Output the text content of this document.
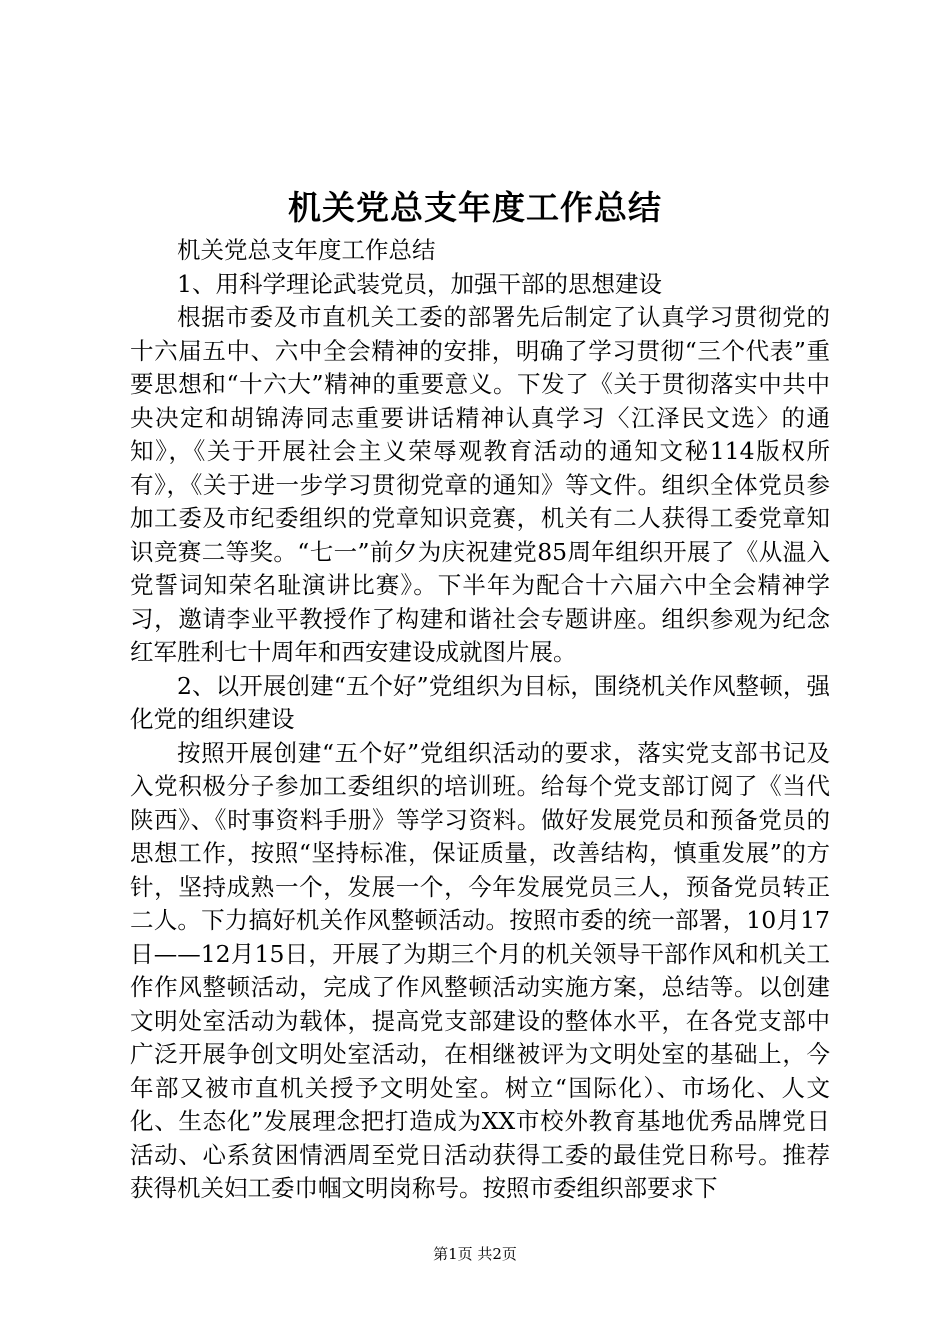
机关党总支年度工作总结

机关党总支年度工作总结

1、用科学理论武装党员，加强干部的思想建设

根据市委及市直机关工委的部署先后制定了认真学习贯彻党的十六届五中、六中全会精神的安排，明确了学习贯彻“三个代表”重要思想和“十六大”精神的重要意义。下发了《关于贯彻落实中共中央决定和胡锦涛同志重要讲话精神认真学习〈江泽民文选〉的通知》，《关于开展社会主义荣辱观教育活动的通知文秘114版权所有》，《关于进一步学习贯彻党章的通知》等文件。组织全体党员参加工委及市纪委组织的党章知识竞赛，机关有二人获得工委党章知识竞赛二等奖。“七一”前夕为庆祝建党85周年组织开展了《从温入党誓词知荣名耻演讲比赛》。下半年为配合十六届六中全会精神学习，邀请李业平教授作了构建和谐社会专题讲座。组织参观为纪念红军胜利七十周年和西安建设成就图片展。

2、以开展创建“五个好”党组织为目标，围绕机关作风整顿，强化党的组织建设

按照开展创建“五个好”党组织活动的要求，落实党支部书记及入党积极分子参加工委组织的培训班。给每个党支部订阅了《当代陕西》、《时事资料手册》等学习资料。做好发展党员和预备党员的思想工作，按照“坚持标准，保证质量，改善结构，慎重发展”的方针，坚持成熟一个，发展一个，今年发展党员三人，预备党员转正二人。下力搞好机关作风整顿活动。按照市委的统一部署，10月17日——12月15日，开展了为期三个月的机关领导干部作风和机关工作作风整顿活动，完成了作风整顿活动实施方案，总结等。以创建文明处室活动为载体，提高党支部建设的整体水平，在各党支部中广泛开展争创文明处室活动，在相继被评为文明处室的基础上，今年部又被市直机关授予文明处室。树立“国际化）、市场化、人文化、生态化”发展理念把打造成为XX市校外教育基地优秀品牌党日活动、心系贫困情洒周至党日活动获得工委的最佳党日称号。推荐获得机关妇工委巾帼文明岗称号。按照市委组织部要求下

第1页 共2页
